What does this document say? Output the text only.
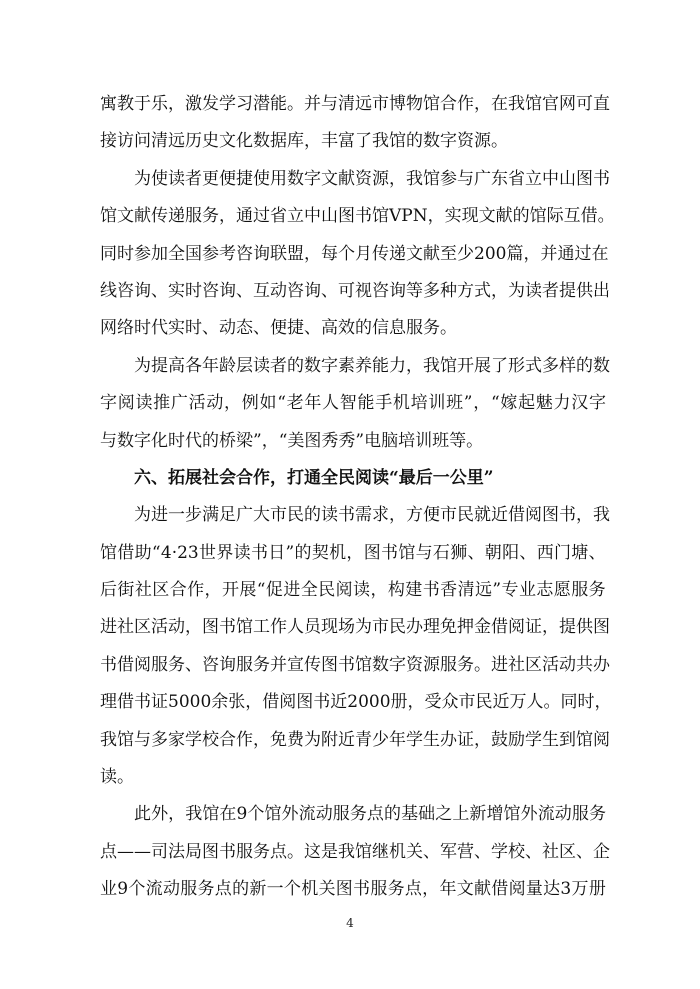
寓 教 于 乐 ， 激 发 学 习 潜 能 。 并 与 清 远 市 博 物 馆 合 作 ， 在 我 馆 官 网 可 直
接访问清远历史文化数据库，丰富了我馆的数字资源。
为 使 读 者 更 便 捷 使 用 数 字 文 献 资 源 ， 我 馆 参 与 广 东 省 立 中 山 图 书
馆 文 献 传 递 服 务 ， 通 过 省 立 中 山 图 书 馆 VPN ， 实 现 文 献 的 馆 际 互 借 。
同 时 参 加 全 国 参 考 咨 询 联 盟 ， 每 个 月 传 递 文 献 至 少 200 篇 ， 并 通 过 在
线 咨 询 、 实 时 咨 询 、 互 动 咨 询 、 可 视 咨 询 等 多 种 方 式 ， 为 读 者 提 供 出
网络时代实时、动态、便捷、高效的信息服务。
为 提 高 各 年 龄 层 读 者 的 数 字 素 养 能 力 ， 我 馆 开 展 了 形 式 多 样 的 数
字 阅 读 推 广 活 动 ， 例 如 “ 老 年 人 智 能 手 机 培 训 班 ” ， “ 嫁 起 魅 力 汉 字
与数字化时代的桥梁”，“美图秀秀”电脑培训班等。
六、拓展社会合作，打通全民阅读“最后一公里”
为 进 一 步 满 足 广 大 市 民 的 读 书 需 求 ， 方 便 市 民 就 近 借 阅 图 书 ， 我
馆 借 助 “ 4·23 世 界 读 书 日 ” 的 契 机 ， 图 书 馆 与 石 狮 、 朝 阳 、 西 门 塘 、
后 街 社 区 合 作 ， 开 展 “ 促 进 全 民 阅 读 ， 构 建 书 香 清 远 ” 专 业 志 愿 服 务
进 社 区 活 动 ， 图 书 馆 工 作 人 员 现 场 为 市 民 办 理 免 押 金 借 阅 证 ， 提 供 图
书 借 阅 服 务 、 咨 询 服 务 并 宣 传 图 书 馆 数 字 资 源 服 务 。 进 社 区 活 动 共 办
理 借 书 证 5000 余 张 ， 借 阅 图 书 近 2000 册 ， 受 众 市 民 近 万 人 。 同 时 ，
我 馆 与 多 家 学 校 合 作 ， 免 费 为 附 近 青 少 年 学 生 办 证 ， 鼓 励 学 生 到 馆 阅
读。
此 外 ， 我 馆 在 9 个 馆 外 流 动 服 务 点 的 基 础 之 上 新 增 馆 外 流 动 服 务
点 — — 司 法 局 图 书 服 务 点 。 这 是 我 馆 继 机 关 、 军 营 、 学 校 、 社 区 、 企
业 9 个 流 动 服 务 点 的 新 一 个 机 关 图 书 服 务 点 ， 年 文 献 借 阅 量 达 3 万 册
4
